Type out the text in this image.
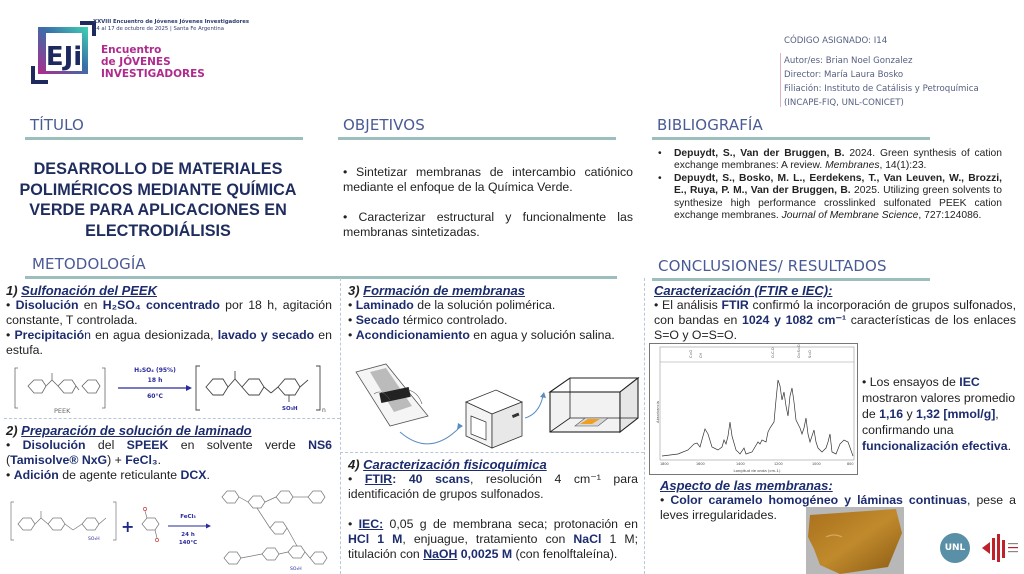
EJi
XXVIII Encuentro de Jóvenes Jóvenes Investigadores
14 al 17 de octubre de 2025 | Santa Fe Argentina
Encuentro
de JÓVENES
INVESTIGADORES
CÓDIGO ASIGNADO: I14
Autor/es: Brian Noel Gonzalez
Director: María Laura Bosko
Filiación: Instituto de Catálisis y Petroquímica
(INCAPE-FIQ, UNL-CONICET)
TÍTULO	OBJETIVOS	BIBLIOGRAFÍA
METODOLOGÍA	CONCLUSIONES/ RESULTADOS
DESARROLLO DE MATERIALES
POLIMÉRICOS MEDIANTE QUÍMICA
VERDE PARA APLICACIONES EN
ELECTRODIÁLISIS
• Sintetizar membranas de intercambio catiónico mediante el enfoque de la Química Verde.
• Caracterizar estructural y funcionalmente las membranas sintetizadas.
• Depuydt, S., Van der Bruggen, B. 2024. Green synthesis of cation exchange membranes: A review. Membranes, 14(1):23.
• Depuydt, S., Bosko, M. L., Eerdekens, T., Van Leuven, W., Brozzi, E., Ruya, P. M., Van der Bruggen, B. 2025. Utilizing green solvents to synthesize high performance crosslinked sulfonated PEEK cation exchange membranes. Journal of Membrane Science, 727:124086.
1) Sulfonación del PEEK
• Disolución en H₂SO₄ concentrado por 18 h, agitación constante, T controlada.
• Precipitación en agua desionizada, lavado y secado en estufa.
PEEK
H₂SO₄ (95%)
18 h
60°C
SO₃H	n
2) Preparación de solución de laminado
• Disolución del SPEEK en solvente verde NS6 (Tamisolve® NxG) + FeCl₃.
• Adición de agente reticulante DCX.
SO₃H
+	FeCl₃
24 h
140°C
SO₃H
3) Formación de membranas
• Laminado de la solución polimérica.
• Secado térmico controlado.
• Acondicionamiento en agua y solución salina.
4) Caracterización fisicoquímica
• FTIR: 40 scans, resolución 4 cm⁻¹ para identificación de grupos sulfonados.
• IEC: 0,05 g de membrana seca; protonación en HCl 1 M, enjuague, tratamiento con NaCl 1 M; titulación con NaOH 0,0025 M (con fenolftaleína).
Caracterización (FTIR e IEC):
• El análisis FTIR confirmó la incorporación de grupos sulfonados, con bandas en 1024 y 1082 cm⁻¹ características de los enlaces S=O y O=S=O.
Absorbancia
C=O CH	O-C-O	O=S=O S=O
1800	1600	1400	1200	1000	800
Longitud de onda (cm-1)
• Los ensayos de IEC mostraron valores promedio de 1,16 y 1,32 [mmol/g], confirmando una funcionalización efectiva.
Aspecto de las membranas:
• Color caramelo homogéneo y láminas continuas, pese a leves irregularidades.
UNL
